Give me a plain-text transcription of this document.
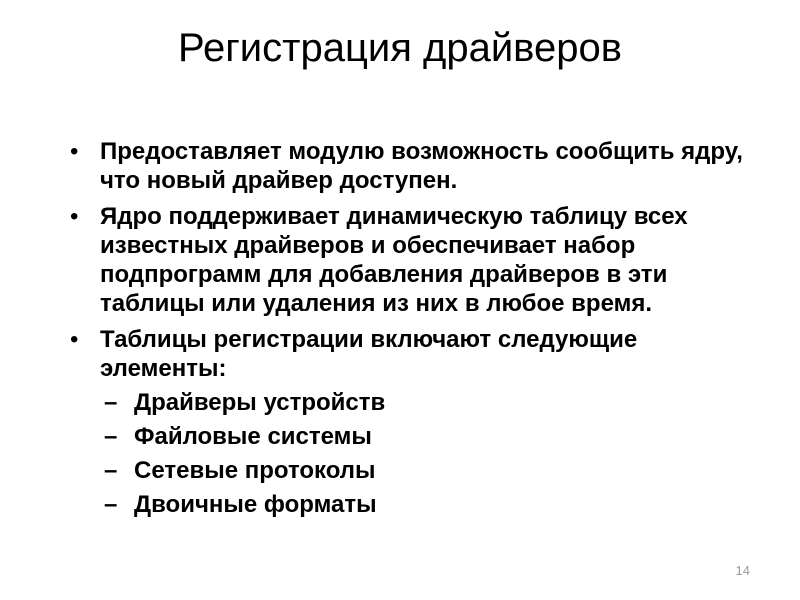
Регистрация драйверов
• Предоставляет модулю возможность сообщить ядру, что новый драйвер доступен.
• Ядро поддерживает динамическую таблицу всех известных драйверов и обеспечивает набор подпрограмм для добавления драйверов в эти таблицы или удаления из них в любое время.
• Таблицы регистрации включают следующие элементы:
– Драйверы устройств
– Файловые системы
– Сетевые протоколы
– Двоичные форматы
14
